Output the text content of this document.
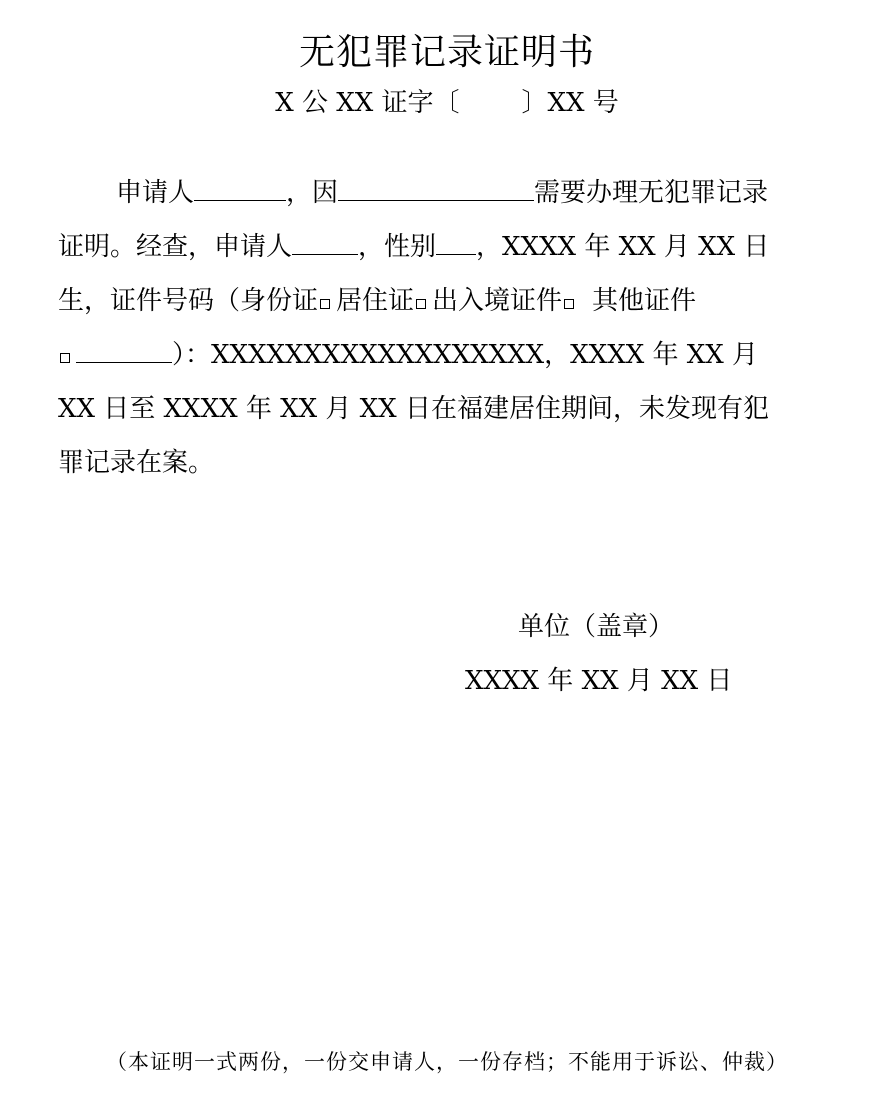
无犯罪记录证明书
X 公 XX 证字〔 〕XX 号
申请人	，因	需要办理无犯罪记录
证明。经查，申请人	，性别 ，XXXX 年 XX 月 XX 日
生，证件号码（身份证 居住证 出入境证件 其他证件
）：XXXXXXXXXXXXXXXXXX，XXXX 年 XX 月
XX 日至 XXXX 年 XX 月 XX 日在福建居住期间，未发现有犯
罪记录在案。
单位（盖章）
XXXX 年 XX 月 XX 日
（本证明一式两份，一份交申请人，一份存档；不能用于诉讼、仲裁）
